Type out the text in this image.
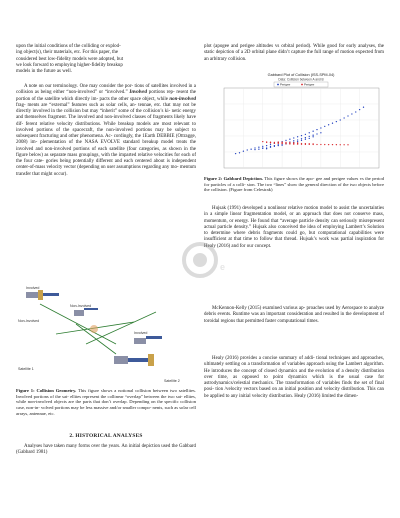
upon the initial conditions of the colliding or explod-

ing object(s), their materials, etc. For this paper, the

considered best low-fidelity models were adopted, but

we look forward to employing higher-fidelity breakup

models in the future as well.

A note on our terminology. One may consider the por- tions of satellites involved in a collision as being either “non-involved” or “involved.” Involved portions rep- resent the portion of the satellite which directly im- pacts the other space object, while non-involved frag- ments are “external” features such as solar cells, an- tennae, etc. that may not be directly involved in the collision but may “inherit” some of the collision’s ki- netic energy and themselves fragment. The involved and non-involved classes of fragments likely have dif- ferent relative velocity distributions. While breakup models are most relevant to involved portions of the spacecraft, the non-involved portions may be subject to subsequent fracturing and other phenomena. Ac- cordingly, the 1Earth DEBBIE (Ottragge, 2008) im- plementation of the NASA EVOLVE standard breakup model treats the involved and non-involved portions of each satellite (four categories, as shown in the figure below) as separate mass groupings, with the imparted relative velocities for each of the four cate- gories being potentially different and each centered about is independent center-of-mass velocity vector (depending on user assumptions regarding any mo- mentum transfer that might occur).

Involved
Non-Involved
Non-Involved
Involved
Satellite 1
Satellite 2

Figure 1: Collision Geometry. This figure shows a notional collision between two satellites. Involved portions of the sat- ellites represent the collinear “overlap” between the two sat- ellites, while non-involved objects are the parts that don’t overlap. Depending on the specific collision case, non-in- volved portions may be less massive and/or smaller compo- nents, such as solar cell arrays, antennae, etc.

2. HISTORICAL ANALYSES

Analyses have taken many forms over the years. An initial depiction used the Gabbard (Gabbard 1981)

plot (apogee and perigee altitudes vs orbital period). While good for early analyses, the static depiction of a 2D orbital plane didn’t capture the full range of motion expected from an arbitrary collision.

Gabbard Plot of Collision (ISS-SPM-04)
Data: Collision between A and B
Perigee	Perigee

Figure 2: Gabbard Depiction. This figure shows the apo- gee and perigee values vs the period for particles of a colli- sion. The two “lines” show the general direction of the two objects before the collision. (Figure from Celestrak)

Hujsak (1991) developed a nonlinear relative motion model to assist the uncertainties in a simple linear fragmentation model, or an approach that does not conserve mass, momentum, or energy. He found that “average particle density can seriously misrepresent actual particle density.” Hujsak also conceived the idea of employing Lambert’s Solution to determine where debris fragments could go, but computational capabilities were insufficient at that time to follow that thread. Hujsak’s work was partial inspiration for Healy (2016) and for our concept.

McKennon-Kelly (2015) examined various ap- proaches used by Aerospace to analyze debris events. Runtime was an important consideration and resulted in the development of toroidal regions that permitted faster computational times.

Healy (2016) provides a concise summary of addi- tional techniques and approaches, ultimately settling on a transformation of variables approach using the Lambert algorithm. He introduces the concept of closed dynamics and the evolution of a density distribution over time, as opposed to point dynamics which is the usual case for astrodynamics/celestial mechanics. The transformation of variables finds the set of final posi- tion /velocity vectors based on an initial position and velocity distribution. This can be applied to any initial velocity distribution. Healy (2016) limited the dimen-

e
